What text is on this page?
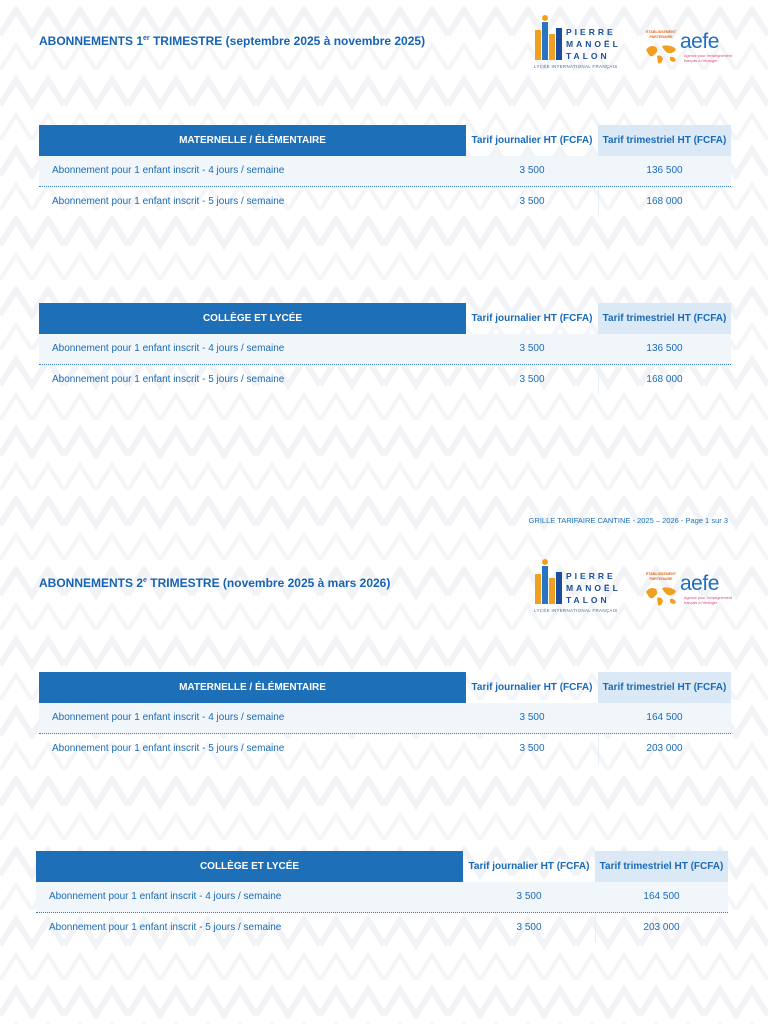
ABONNEMENTS 1er TRIMESTRE (septembre 2025 à novembre 2025)
PIERRE
MANOËL
TALON
LYCÉE INTERNATIONAL FRANÇAIS
ÉTABLISSEMENT PARTENAIRE aefe
Agence pour l'enseignement français à l'étranger
MATERNELLE / ÉLÉMENTAIRE	Tarif journalier HT (FCFA)	Tarif trimestriel HT (FCFA)
Abonnement pour 1 enfant inscrit - 4 jours / semaine	3 500	136 500
Abonnement pour 1 enfant inscrit - 5 jours / semaine	3 500	168 000
COLLÈGE ET LYCÉE	Tarif journalier HT (FCFA)	Tarif trimestriel HT (FCFA)
Abonnement pour 1 enfant inscrit - 4 jours / semaine	3 500	136 500
Abonnement pour 1 enfant inscrit - 5 jours / semaine	3 500	168 000
GRILLE TARIFAIRE CANTINE - 2025 – 2026 - Page 1 sur 3
ABONNEMENTS 2e TRIMESTRE (novembre 2025 à mars 2026)	PIERRE
MANOËL
TALON
LYCÉE INTERNATIONAL FRANÇAIS
ÉTABLISSEMENT PARTENAIRE aefe
Agence pour l'enseignement français à l'étranger
MATERNELLE / ÉLÉMENTAIRE	Tarif journalier HT (FCFA)	Tarif trimestriel HT (FCFA)
Abonnement pour 1 enfant inscrit - 4 jours / semaine	3 500	164 500
Abonnement pour 1 enfant inscrit - 5 jours / semaine	3 500	203 000
COLLÈGE ET LYCÉE	Tarif journalier HT (FCFA)	Tarif trimestriel HT (FCFA)
Abonnement pour 1 enfant inscrit - 4 jours / semaine	3 500	164 500
Abonnement pour 1 enfant inscrit - 5 jours / semaine	3 500	203 000
